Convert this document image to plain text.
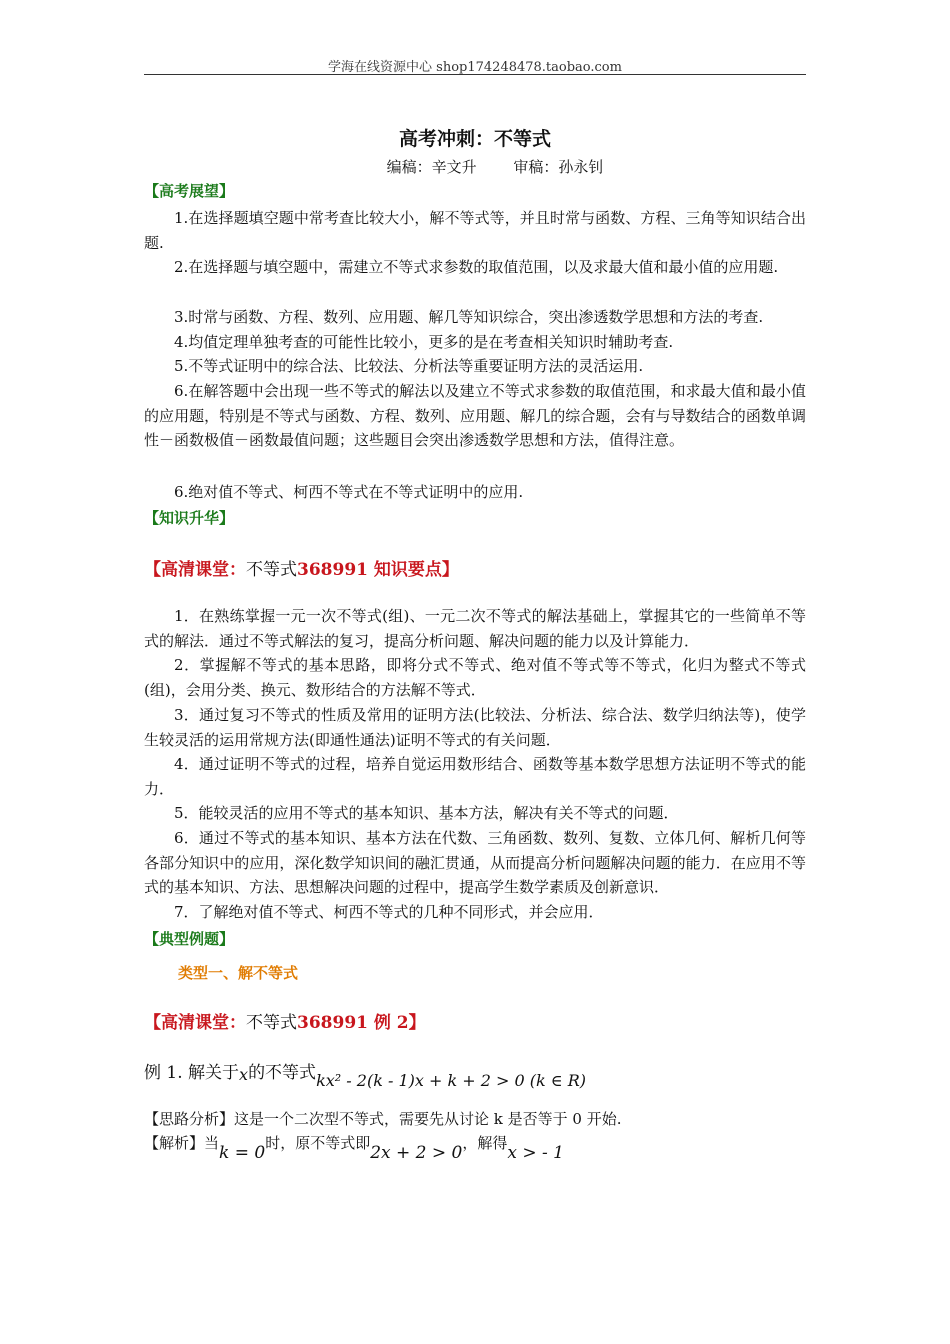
学海在线资源中心 shop174248478.taobao.com
高考冲刺：不等式
编稿：辛文升 审稿：孙永钊
【高考展望】
1.在选择题填空题中常考查比较大小，解不等式等，并且时常与函数、方程、三角等知识结合出题.
2.在选择题与填空题中，需建立不等式求参数的取值范围，以及求最大值和最小值的应用题.
3.时常与函数、方程、数列、应用题、解几等知识综合，突出渗透数学思想和方法的考查.
4.均值定理单独考查的可能性比较小，更多的是在考查相关知识时辅助考查.
5.不等式证明中的综合法、比较法、分析法等重要证明方法的灵活运用.
6.在解答题中会出现一些不等式的解法以及建立不等式求参数的取值范围，和求最大值和最小值的应用题，特别是不等式与函数、方程、数列、应用题、解几的综合题，会有与导数结合的函数单调性－函数极值－函数最值问题；这些题目会突出渗透数学思想和方法，值得注意。
6.绝对值不等式、柯西不等式在不等式证明中的应用.
【知识升华】
【高清课堂：不等式368991 知识要点】
1．在熟练掌握一元一次不等式(组)、一元二次不等式的解法基础上，掌握其它的一些简单不等式的解法．通过不等式解法的复习，提高分析问题、解决问题的能力以及计算能力．
2．掌握解不等式的基本思路，即将分式不等式、绝对值不等式等不等式，化归为整式不等式(组)，会用分类、换元、数形结合的方法解不等式．
3．通过复习不等式的性质及常用的证明方法(比较法、分析法、综合法、数学归纳法等)，使学生较灵活的运用常规方法(即通性通法)证明不等式的有关问题．
4．通过证明不等式的过程，培养自觉运用数形结合、函数等基本数学思想方法证明不等式的能力．
5．能较灵活的应用不等式的基本知识、基本方法，解决有关不等式的问题．
6．通过不等式的基本知识、基本方法在代数、三角函数、数列、复数、立体几何、解析几何等各部分知识中的应用，深化数学知识间的融汇贯通，从而提高分析问题解决问题的能力．在应用不等式的基本知识、方法、思想解决问题的过程中，提高学生数学素质及创新意识．
7．了解绝对值不等式、柯西不等式的几种不同形式，并会应用．
【典型例题】
类型一、解不等式
【高清课堂：不等式368991 例 2】
例 1. 解关于x的不等式kx² - 2(k - 1)x + k + 2 > 0 (k ∈ R)
【思路分析】这是一个二次型不等式，需要先从讨论 k 是否等于 0 开始.
【解析】当k = 0时，原不等式即2x + 2 > 0，解得x > - 1
